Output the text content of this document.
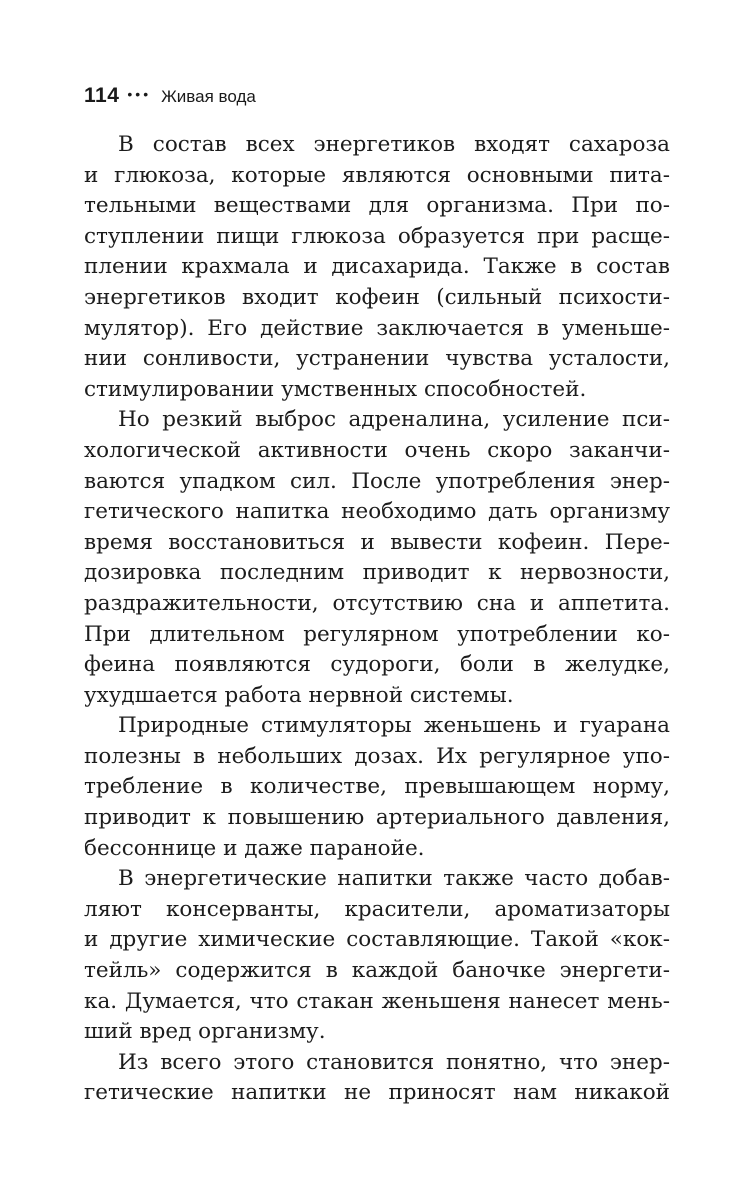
114 ••• Живая вода
В состав всех энергетиков входят сахароза
и глюкоза, которые являются основными пита-
тельными веществами для организма. При по-
ступлении пищи глюкоза образуется при расще-
плении крахмала и дисахарида. Также в состав
энергетиков входит кофеин (сильный психости-
мулятор). Его действие заключается в уменьше-
нии сонливости, устранении чувства усталости,
стимулировании умственных способностей.
Но резкий выброс адреналина, усиление пси-
хологической активности очень скоро заканчи-
ваются упадком сил. После употребления энер-
гетического напитка необходимо дать организму
время восстановиться и вывести кофеин. Пере-
дозировка последним приводит к нервозности,
раздражительности, отсутствию сна и аппетита.
При длительном регулярном употреблении ко-
феина появляются судороги, боли в желудке,
ухудшается работа нервной системы.
Природные стимуляторы женьшень и гуарана
полезны в небольших дозах. Их регулярное упо-
требление в количестве, превышающем норму,
приводит к повышению артериального давления,
бессоннице и даже паранойе.
В энергетические напитки также часто добав-
ляют консерванты, красители, ароматизаторы
и другие химические составляющие. Такой «кок-
тейль» содержится в каждой баночке энергети-
ка. Думается, что стакан женьшеня нанесет мень-
ший вред организму.
Из всего этого становится понятно, что энер-
гетические напитки не приносят нам никакой
